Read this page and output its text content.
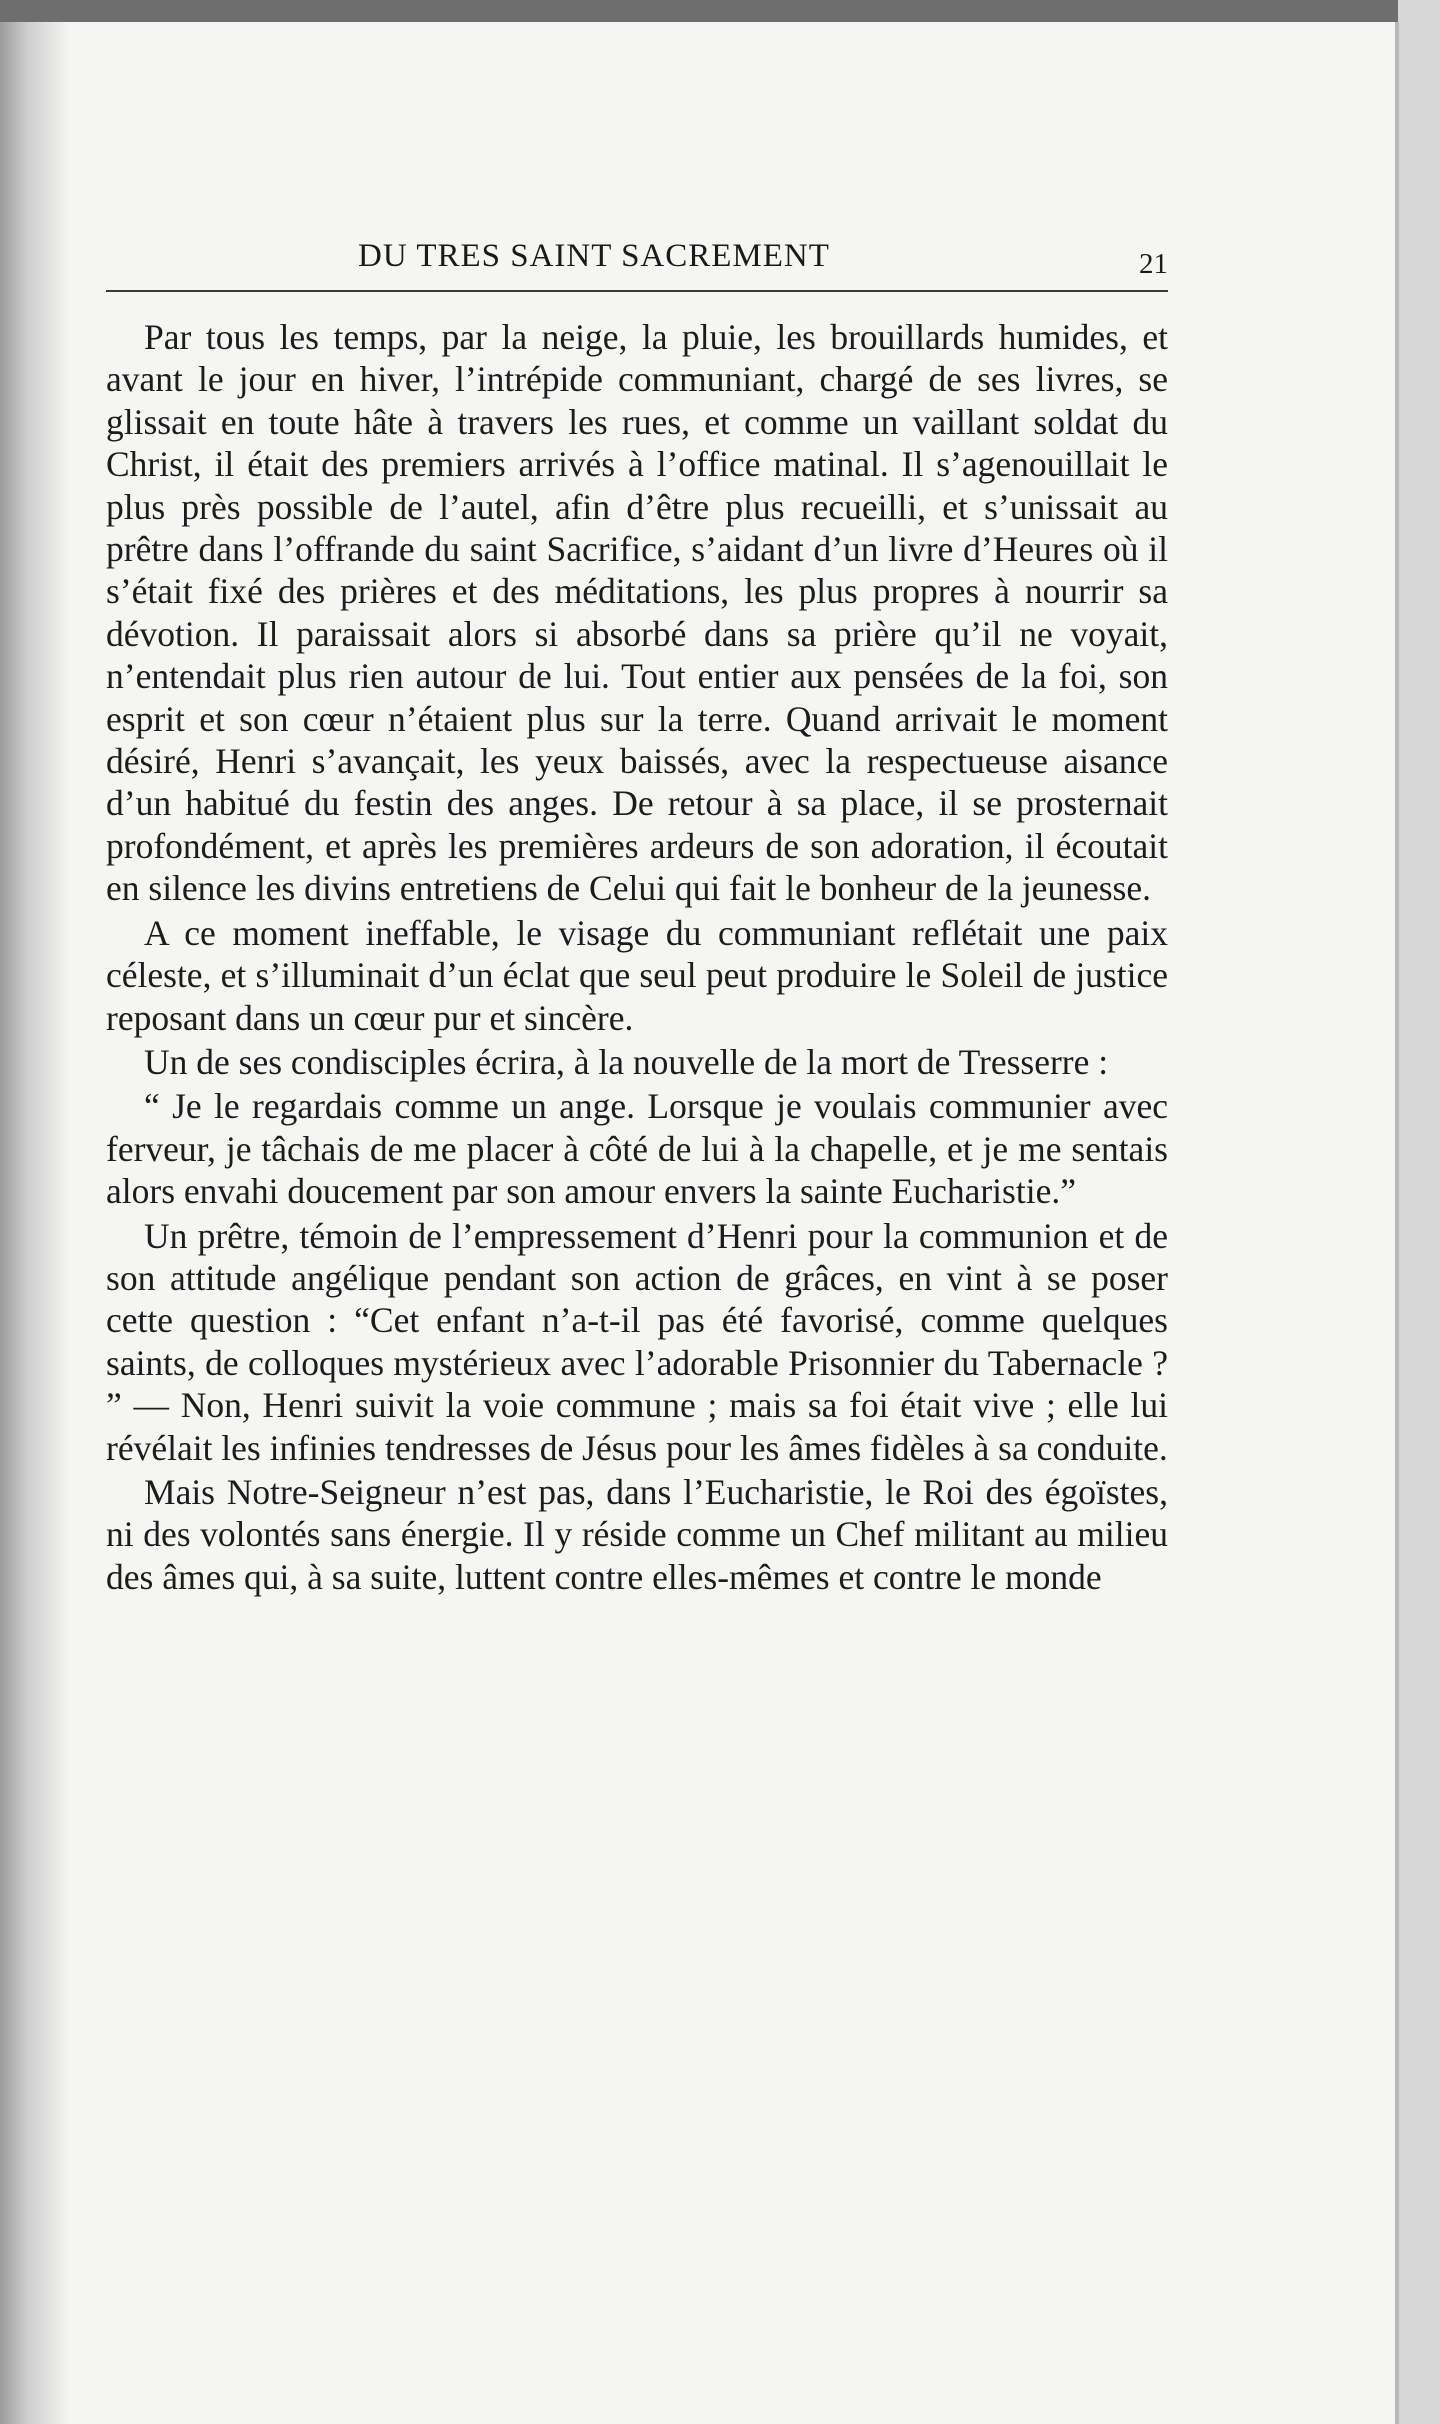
DU TRES SAINT SACREMENT	21

Par tous les temps, par la neige, la pluie, les brouillards humides, et avant le jour en hiver, l’intrépide communiant, chargé de ses livres, se glissait en toute hâte à travers les rues, et comme un vaillant soldat du Christ, il était des premiers arrivés à l’office matinal. Il s’agenouillait le plus près possible de l’autel, afin d’être plus recueilli, et s’unissait au prêtre dans l’offrande du saint Sacrifice, s’aidant d’un livre d’Heures où il s’était fixé des prières et des méditations, les plus propres à nourrir sa dévotion. Il paraissait alors si absorbé dans sa prière qu’il ne voyait, n’entendait plus rien autour de lui. Tout entier aux pensées de la foi, son esprit et son cœur n’étaient plus sur la terre. Quand arrivait le moment désiré, Henri s’avançait, les yeux baissés, avec la respectueuse aisance d’un habitué du festin des anges. De retour à sa place, il se prosternait profondément, et après les premières ardeurs de son adoration, il écoutait en silence les divins entretiens de Celui qui fait le bonheur de la jeunesse.

A ce moment ineffable, le visage du communiant reflétait une paix céleste, et s’illuminait d’un éclat que seul peut produire le Soleil de justice reposant dans un cœur pur et sincère.

Un de ses condisciples écrira, à la nouvelle de la mort de Tresserre :

“ Je le regardais comme un ange. Lorsque je voulais communier avec ferveur, je tâchais de me placer à côté de lui à la chapelle, et je me sentais alors envahi doucement par son amour envers la sainte Eucharistie.”

Un prêtre, témoin de l’empressement d’Henri pour la communion et de son attitude angélique pendant son action de grâces, en vint à se poser cette question : “Cet enfant n’a-t-il pas été favorisé, comme quelques saints, de colloques mystérieux avec l’adorable Prisonnier du Tabernacle ? ” — Non, Henri suivit la voie commune ; mais sa foi était vive ; elle lui révélait les infinies tendresses de Jésus pour les âmes fidèles à sa conduite.

Mais Notre-Seigneur n’est pas, dans l’Eucharistie, le Roi des égoïstes, ni des volontés sans énergie. Il y réside comme un Chef militant au milieu des âmes qui, à sa suite, luttent contre elles-mêmes et contre le monde
